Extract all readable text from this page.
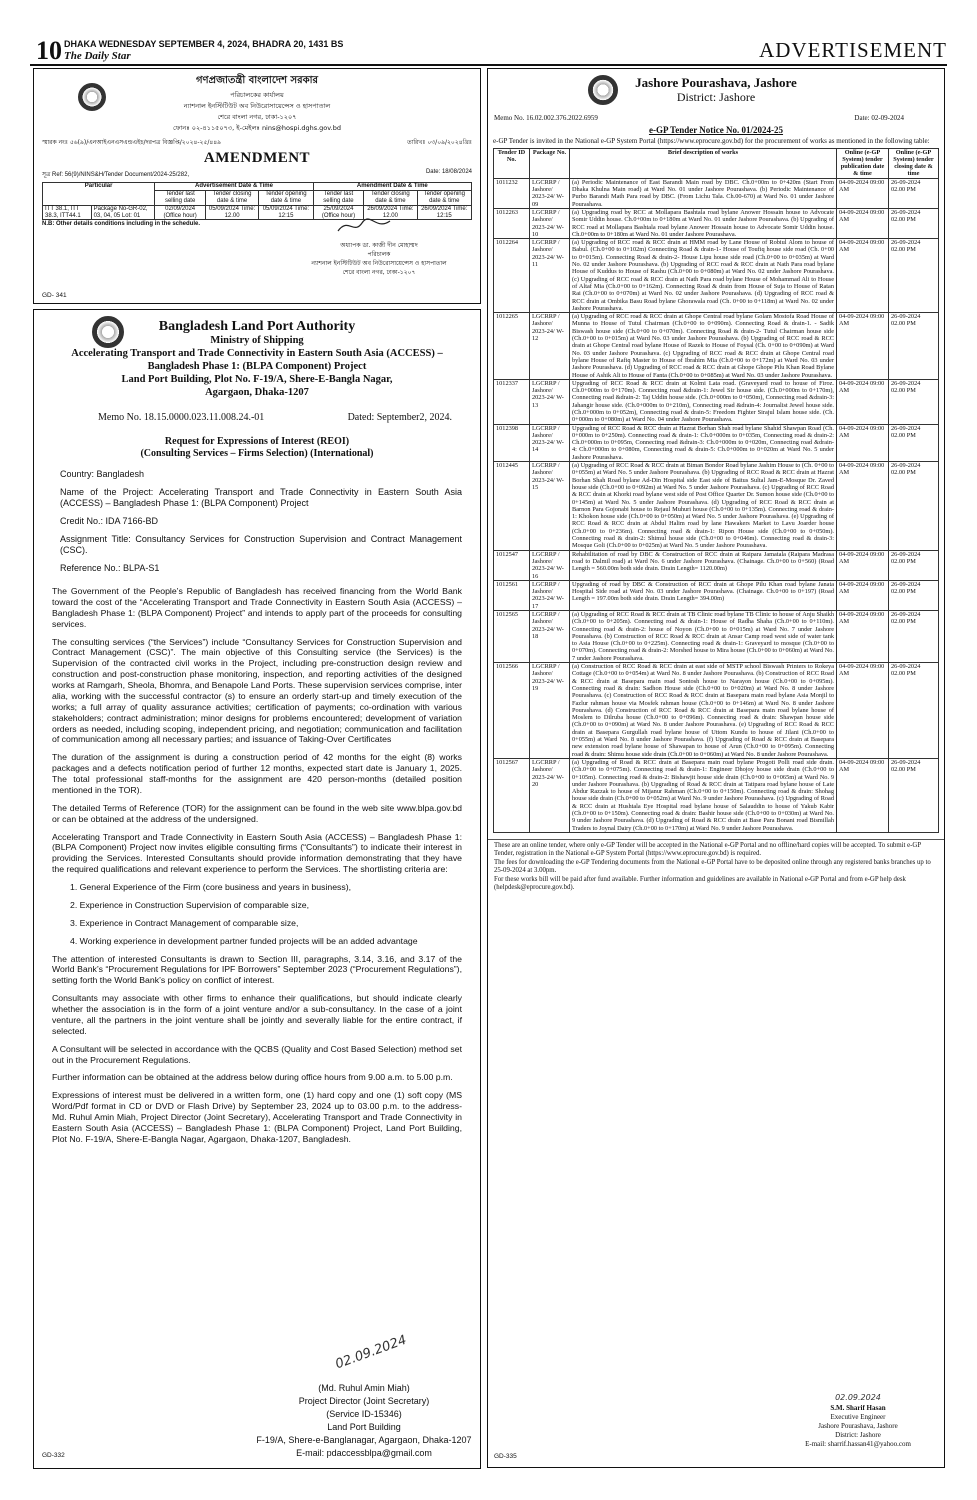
10 DHAKA WEDNESDAY SEPTEMBER 4, 2024, BHADRA 20, 1431 BS
The Daily Star	ADVERTISEMENT
গণপ্রজাতন্ত্রী বাংলাদেশ সরকার
পরিচালকের কার্যালয়
ন্যাশনাল ইনস্টিটিউট অব নিউরোসায়েন্সেস ও হাসপাতাল
শেরে বাংলা নগর, ঢাকা-১২০৭
ফোনঃ ০২-৪১১৫০৭৩, ই-মেইলঃ nins@hospi.dghs.gov.bd
স্মারক নংঃ ৫৬(৯)/এনআইএনএসএন্ডএইচ/দরপত্র বিজ্ঞপ্তি/২০২৪-২৫/৪৪৯	তারিখঃ ০৩/০৯/২০২৪খ্রিঃ
AMENDMENT
সূত্র Ref: 56(9)/NINS&H/Tender Document/2024-25/282,	Date: 18/08/2024
Particular		Advertisement Date & Time			Amendment Date & Time		
		Tender last selling date	Tender closing date & time	Tender opening date & time	Tender last selling date	Tender closing date & time	Tender opening date & time
ITT 38.1, ITT 38.3, ITT44.1	Package No-GR-02, 03, 04, 05 Lot: 01	02/09/2024 (Office hour)	05/09/2024 Time: 12.00	05/09/2024 Time: 12:15	25/09/2024 (Office hour)	26/09/2024 Time: 12.00	26/09/2024 Time: 12:15
N.B: Other details conditions including in the schedule.
অধ্যাপক ডা. কাজী দীন মোহাম্মদ
পরিচালক
ন্যাশনাল ইনস্টিটিউট অব নিউরোসায়েন্সেস ও হাসপাতাল
শেরে বাংলা নগর, ঢাকা-১২০৭
GD- 341
Bangladesh Land Port Authority
Ministry of Shipping
Accelerating Transport and Trade Connectivity in Eastern South Asia (ACCESS) –
Bangladesh Phase 1: (BLPA Component) Project
Land Port Building, Plot No. F-19/A, Shere-E-Bangla Nagar,
Agargaon, Dhaka-1207
Memo No. 18.15.0000.023.11.008.24.-01	Dated: September2, 2024.
Request for Expressions of Interest (REOI)
(Consulting Services – Firms Selection) (International)

Country: Bangladesh

Name of the Project: Accelerating Transport and Trade Connectivity in Eastern South Asia (ACCESS) – Bangladesh Phase 1: (BLPA Component) Project

Credit No.: IDA 7166-BD

Assignment Title: Consultancy Services for Construction Supervision and Contract Management (CSC).

Reference No.: BLPA-S1

The Government of the People’s Republic of Bangladesh has received financing from the World Bank toward the cost of the “Accelerating Transport and Trade Connectivity in Eastern South Asia (ACCESS) – Bangladesh Phase 1: (BLPA Component) Project” and intends to apply part of the proceeds for consulting services.

The consulting services (“the Services”) include “Consultancy Services for Construction Supervision and Contract Management (CSC)”. The main objective of this Consulting service (the Services) is the Supervision of the contracted civil works in the Project, including pre-construction design review and construction and post-construction phase monitoring, inspection, and reporting activities of the designed works at Ramgarh, Sheola, Bhomra, and Benapole Land Ports. These supervision services comprise, inter alia, working with the successful contractor (s) to ensure an orderly start-up and timely execution of the works; a full array of quality assurance activities; certification of payments; co-ordination with various stakeholders; contract administration; minor designs for problems encountered; development of variation orders as needed, including scoping, independent pricing, and negotiation; communication and facilitation of communication among all necessary parties; and issuance of Taking-Over Certificates

The duration of the assignment is during a construction period of 42 months for the eight (8) works packages and a defects notification period of further 12 months, expected start date is January 1, 2025. The total professional staff-months for the assignment are 420 person-months (detailed position mentioned in the TOR).

The detailed Terms of Reference (TOR) for the assignment can be found in the web site www.blpa.gov.bd or can be obtained at the address of the undersigned.

Accelerating Transport and Trade Connectivity in Eastern South Asia (ACCESS) – Bangladesh Phase 1: (BLPA Component) Project now invites eligible consulting firms (“Consultants”) to indicate their interest in providing the Services. Interested Consultants should provide information demonstrating that they have the required qualifications and relevant experience to perform the Services. The shortlisting criteria are:

1. General Experience of the Firm (core business and years in business),

2. Experience in Construction Supervision of comparable size,

3. Experience in Contract Management of comparable size,

4. Working experience in development partner funded projects will be an added advantage

The attention of interested Consultants is drawn to Section III, paragraphs, 3.14, 3.16, and 3.17 of the World Bank’s “Procurement Regulations for IPF Borrowers” September 2023 (“Procurement Regulations”), setting forth the World Bank’s policy on conflict of interest.

Consultants may associate with other firms to enhance their qualifications, but should indicate clearly whether the association is in the form of a joint venture and/or a sub-consultancy. In the case of a joint venture, all the partners in the joint venture shall be jointly and severally liable for the entire contract, if selected.

A Consultant will be selected in accordance with the QCBS (Quality and Cost Based Selection) method set out in the Procurement Regulations.

Further information can be obtained at the address below during office hours from 9.00 a.m. to 5.00 p.m.

Expressions of interest must be delivered in a written form, one (1) hard copy and one (1) soft copy (MS Word/Pdf format in CD or DVD or Flash Drive) by September 23, 2024 up to 03.00 p.m. to the address- Md. Ruhul Amin Miah, Project Director (Joint Secretary), Accelerating Transport and Trade Connectivity in Eastern South Asia (ACCESS) – Bangladesh Phase 1: (BLPA Component) Project, Land Port Building, Plot No. F-19/A, Shere-E-Bangla Nagar, Agargaon, Dhaka-1207, Bangladesh.

02.09.2024
(Md. Ruhul Amin Miah)
Project Director (Joint Secretary)
(Service ID-15346)
Land Port Building
F-19/A, Shere-e-Banglanagar, Agargaon, Dhaka-1207
E-mail: pdaccessblpa@gmail.com
GD-332
Jashore Pourashava, Jashore
District: Jashore
Memo No. 16.02.002.376.2022.6959	Date: 02-09-2024
e-GP Tender Notice No. 01/2024-25
e-GP Tender is invited in the National e-GP System Portal (https://www.eprocure.gov.bd) for the procurement of works as mentioned in the following table:
Tender ID No.	Package No.	Brief description of works	Online (e-GP System) tender publication date & time	Online (e-GP System) tender closing date & time
1011232	LGCRRP / Jashore/ 2023-24/ W-09	(a) Periodic Maintenance of East Barandi Main road by DBC. Ch.0+00m to 0+420m (Start From Dhaka Khulna Main road) at Ward No. 01 under Jashore Pourashava. (b) Periodic Maintenance of Purbo Barandi Math Para road by DBC. (From Lichu Tala. Ch.00-670) at Ward No. 01 under Jashore Pourashava.	04-09-2024 09:00 AM	26-09-2024 02.00 PM
1012263	LGCRRP / Jashore/ 2023-24/ W-10	(a) Upgrading road by RCC at Mollapara Bashtala road bylane Anower Hossain house to Advocate Somir Uddin house. Ch.0+00m to 0+180m at Ward No. 01 under Jashore Pourashava. (b) Upgrading of RCC road at Mollapara Bashtala road bylane Anower Hossain house to Advocate Somir Uddin house. Ch.0+00m to 0+180m at Ward No. 01 under Jashore Pourashava.	04-09-2024 09:00 AM	26-09-2024 02.00 PM
1012264	LGCRRP / Jashore/ 2023-24/ W-11	(a) Upgrading of RCC road & RCC drain at HMM road by Lane House of Robiul Alom to house of Babul. (Ch.0+00 to 0+102m) Connecting Road & drain-1- House of Toufiq house side road (Ch. 0+00 to 0+015m). Connecting Road & drain-2- House Lipu house side road (Ch.0+00 to 0+035m) at Ward No. 02 under Jashore Pourashava. (b) Upgrading of RCC road & RCC drain at Nath Para road bylane House of Kuddus to House of Rashu (Ch.0+00 to 0+080m) at Ward No. 02 under Jashore Pourashava. (c) Upgrading of RCC road & RCC drain at Nath Para road bylane House of Mohammad Ali to House of Altaf Mia (Ch.0+00 to 0+162m). Connecting Road & drain from House of Suja to House of Ratan Rai (Ch.0+00 to 0+070m) at Ward No. 02 under Jashore Pourashava. (d) Upgrading of RCC road & RCC drain at Ombika Basu Road bylane Ghorawala road (Ch. 0+00 to 0+118m) at Ward No. 02 under Jashore Pourashava.	04-09-2024 09:00 AM	26-09-2024 02.00 PM
1012265	LGCRRP / Jashore/ 2023-24/ W-12	(a) Upgrading of RCC road & RCC drain at Ghope Central road bylane Golam Mostofa Road House of Munna to House of Tutul Chairman (Ch.0+00 to 0+090m). Connecting Road & drain-1. - Sadik Biswash house side (Ch.0+00 to 0+070m). Connecting Road & drain-2- Tutul Chairman house side (Ch.0+00 to 0+015m) at Ward No. 03 under Jashore Pourashava. (b) Upgrading of RCC road & RCC drain at Ghope Central road bylane House of Razek to House of Foysal (Ch. 0+00 to 0+090m) at Ward No. 03 under Jashore Pourashava. (c) Upgrading of RCC road & RCC drain at Ghope Central road bylane House of Rafiq Master to House of Ibrahim Mia (Ch.0+00 to 0+172m) at Ward No. 03 under Jashore Pourashava. (d) Upgrading of RCC road & RCC drain at Ghope Ghope Pilu Khan Road Bylane House of Ashik Ali to House of Fanta (Ch.0+00 to 0+085m) at Ward No. 03 under Jashore Pourashava.	04-09-2024 09:00 AM	26-09-2024 02.00 PM
1012337	LGCRRP / Jashore/ 2023-24/ W-13	Upgrading of RCC Road & RCC drain at Kolmi Lata road. (Graveyard road to house of Firoz. Ch.0+000m to 0+170m). Connecting road &drain-1: Jewel Sir house side. (Ch.0+000m to 0+170m), Connecting road &drain-2: Taj Uddin house side. (Ch.0+000m to 0+050m), Connecting road &drain-3: Jahangir house side. (Ch.0+000m to 0+210m), Connecting road &drain-4: Journalist Jewel house side. (Ch.0+000m to 0+052m), Connecting road & drain-5: Freedom Fighter Sirajul Islam house side. (Ch. 0+000m to 0+080m) at Ward No. 04 under Jashore Pourashava.	04-09-2024 09:00 AM	26-09-2024 02.00 PM
1012398	LGCRRP / Jashore/ 2023-24/ W-14	Upgrading of RCC Road & RCC drain at Hazrat Borhan Shah road bylane Shahid Shawpan Road (Ch. 0+000m to 0+250m). Connecting road & drain-1: Ch.0+000m to 0+035m, Connecting road & drain-2: Ch.0+000m to 0+095m, Connecting road &drain-3: Ch.0+000m to 0+020m, Connecting road &drain-4: Ch.0+000m to 0+080m, Connecting road & drain-5: Ch.0+000m to 0+020m at Ward No. 5 under Jashore Pourashava.	04-09-2024 09:00 AM	26-09-2024 02.00 PM
1012445	LGCRRP / Jashore/ 2023-24/ W-15	(a) Upgrading of RCC Road & RCC drain at Biman Bondor Road bylane Jashim House to (Ch. 0+00 to 0+055m) at Ward No. 5 under Jashore Pourashava. (b) Upgrading of RCC Road & RCC drain at Hazrat Borhan Shah Road bylane Ad-Din Hospital side East side of Baitus Sultal Jam-E-Mosque Dr. Zaved house side (Ch.0+00 to 0+092m) at Ward No. 5 under Jashore Pourashava. (c) Upgrading of RCC Road & RCC drain at Khorki road bylane west side of Post Office Quarter Dr. Sumon house side (Ch.0+00 to 0+145m) at Ward No. 5 under Jashore Pourashava. (d) Upgrading of RCC Road & RCC drain at Barnon Para Gojonabi house to Rejaul Muhuri house (Ch.0+00 to 0+135m). Connecting road & drain-1: Khokon house side (Ch.0+00 to 0+050m) at Ward No. 5 under Jashore Pourashava. (e) Upgrading of RCC Road & RCC drain at Abdul Halim road by lane Hawakers Market to Lavu Joarder house (Ch.0+00 to 0+236m). Connecting road & drain-1: Ripon House side (Ch.0+00 to 0+050m). Connecting road & drain-2: Shimul house side (Ch.0+00 to 0+046m). Connecting road & drain-3: Mosque Goli (Ch.0+00 to 0+025m) at Ward No. 5 under Jashore Pourashava.	04-09-2024 09:00 AM	26-09-2024 02.00 PM
1012547	LGCRRP / Jashore/ 2023-24/ W-16	Rehabilitation of road by DBC & Construction of RCC drain at Raipara Jamatala (Raipara Madrasa road to Dalmil road) at Ward No. 6 under Jashore Pourashava. (Chainage. Ch.0+00 to 0+560) (Road Length = 560.00m both side drain. Drain Length= 1120.00m)	04-09-2024 09:00 AM	26-09-2024 02.00 PM
1012561	LGCRRP / Jashore/ 2023-24/ W-17	Upgrading of road by DBC & Construction of RCC drain at Ghope Pilu Khan road bylane Janata Hospital Side road at Ward No. 03 under Jashore Pourashava. (Chainage. Ch.0+00 to 0+197) (Road Length = 197.00m both side drain. Drain Length= 394.00m)	04-09-2024 09:00 AM	26-09-2024 02.00 PM
1012565	LGCRRP / Jashore/ 2023-24/ W-18	(a) Upgrading of RCC Road & RCC drain at TB Clinic road bylane TB Clinic to house of Anju Shaikh (Ch.0+00 to 0+205m). Connecting road & drain-1: House of Radha Shaha (Ch.0+00 to 0+110m). Connecting road & drain-2: house of Noyon (Ch.0+00 to 0+015m) at Ward No. 7 under Jashore Pourashava. (b) Construction of RCC Road & RCC drain at Ansar Camp road west side of water tank to Asia House (Ch.0+00 to 0+225m). Connecting road & drain-1: Graveyard to mosque (Ch.0+00 to 0+070m). Connecting road & drain-2: Morshed house to Mira house (Ch.0+00 to 0+060m) at Ward No. 7 under Jashore Pourashava.	04-09-2024 09:00 AM	26-09-2024 02.00 PM
1012566	LGCRRP / Jashore/ 2023-24/ W-19	(a) Construction of RCC Road & RCC drain at east side of MSTP school Biswash Printers to Rokeya Cottage (Ch.0+00 to 0+054m) at Ward No. 8 under Jashore Pourashava. (b) Construction of RCC Road & RCC drain at Basepara main road Sontosh house to Narayon house (Ch.0+00 to 0+095m). Connecting road & drain: Sadhon House side (Ch.0+00 to 0+020m) at Ward No. 8 under Jashore Pourashava. (c) Construction of RCC Road & RCC drain at Basepara main road bylane Asia Monjil to Fazlur rahman house via Mosfek rahman house (Ch.0+00 to 0+146m) at Ward No. 8 under Jashore Pourashava. (d) Construction of RCC Road & RCC drain at Basepara main road bylane house of Moslem to Dilruba house (Ch.0+00 to 0+096m). Connecting road & drain: Shawpan house side (Ch.0+00 to 0+090m) at Ward No. 8 under Jashore Pourashava. (e) Upgrading of RCC Road & RCC drain at Basepara Gurgullah road bylane house of Uttom Kundu to house of Jilani (Ch.0+00 to 0+055m) at Ward No. 8 under Jashore Pourashava. (f) Upgrading of Road & RCC drain at Basepara new extension road bylane house of Shawapan to house of Arun (Ch.0+00 to 0+095m). Connecting road & drain: Shimu house side drain (Ch.0+00 to 0+060m) at Ward No. 8 under Jashore Pourashava.	04-09-2024 09:00 AM	26-09-2024 02.00 PM
1012567	LGCRRP / Jashore/ 2023-24/ W-20	(a) Upgrading of Road & RCC drain at Basepara main road bylane Progoti Polli road side drain. (Ch.0+00 to 0+075m). Connecting road & drain-1: Engineer Dhojoy house side drain (Ch.0+00 to 0+105m). Connecting road & drain-2: Bishawjit house side drain (Ch.0+00 to 0+065m) at Ward No. 9 under Jashore Pourashava. (b) Upgrading of Road & RCC drain at Tatipara road bylane house of Late Abdur Razzak to house of Mijanur Rahman (Ch.0+00 to 0+150m). Connecting road & drain: Shohag house side drain (Ch.0+00 to 0+052m) at Ward No. 9 under Jashore Pourashava. (c) Upgrading of Road & RCC drain at Hushtala Eye Hospital road bylane house of Salauddin to house of Yakub Kabir (Ch.0+00 to 0+150m). Connecting road & drain: Bashir house side (Ch.0+00 to 0+030m) at Ward No. 9 under Jashore Pourashava. (d) Upgrading of Road & RCC drain at Base Para Bonani road Bismillah Traders to Joynal Dairy (Ch.0+00 to 0+170m) at Ward No. 9 under Jashore Pourashava.	04-09-2024 09:00 AM	26-09-2024 02.00 PM
These are an online tender, where only e-GP Tender will be accepted in the National e-GP Portal and no offline/hard copies will be accepted. To submit e-GP Tender, registration in the National e-GP System Portal (https://www.eprocure.gov.bd) is required.
The fees for downloading the e-GP Tendering documents from the National e-GP Portal have to be deposited online through any registered banks branches up to 25-09-2024 at 3.00pm.
For these works bill will be paid after fund available. Further information and guidelines are available in National e-GP Portal and from e-GP help desk (helpdesk@eprocure.gov.bd).
02.09.2024
S.M. Sharif Hasan
Executive Engineer
Jashore Pourashava, Jashore
District: Jashore
E-mail: sharrif.hassan41@yahoo.com
GD-335
